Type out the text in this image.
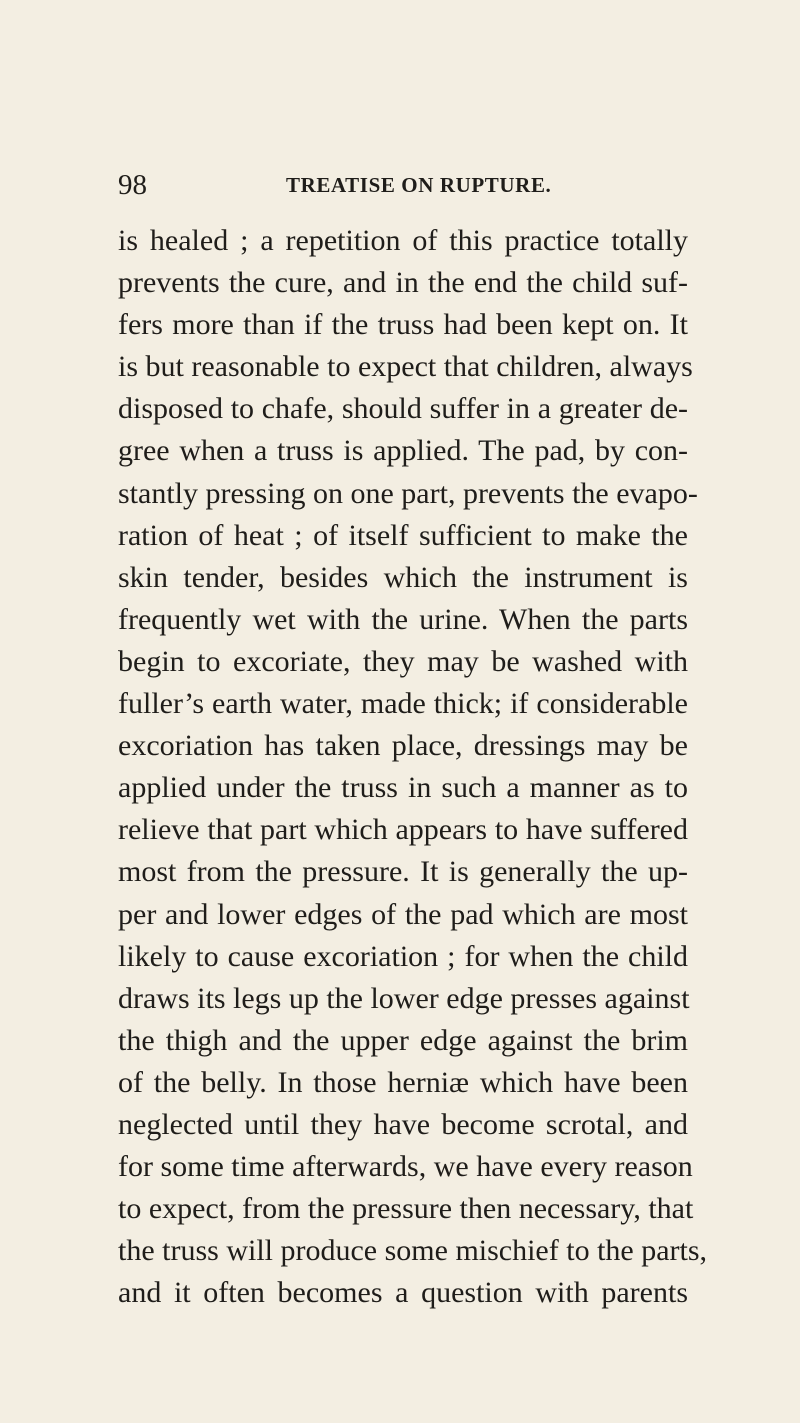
98	TREATISE ON RUPTURE.
is healed ; a repetition of this practice totally
prevents the cure, and in the end the child suf-
fers more than if the truss had been kept on. It
is but reasonable to expect that children, always
disposed to chafe, should suffer in a greater de-
gree when a truss is applied. The pad, by con-
stantly pressing on one part, prevents the evapo-
ration of heat ; of itself sufficient to make the
skin tender, besides which the instrument is
frequently wet with the urine. When the parts
begin to excoriate, they may be washed with
fuller’s earth water, made thick; if considerable
excoriation has taken place, dressings may be
applied under the truss in such a manner as to
relieve that part which appears to have suffered
most from the pressure. It is generally the up-
per and lower edges of the pad which are most
likely to cause excoriation ; for when the child
draws its legs up the lower edge presses against
the thigh and the upper edge against the brim
of the belly. In those herniæ which have been
neglected until they have become scrotal, and
for some time afterwards, we have every reason
to expect, from the pressure then necessary, that
the truss will produce some mischief to the parts,
and it often becomes a question with parents
